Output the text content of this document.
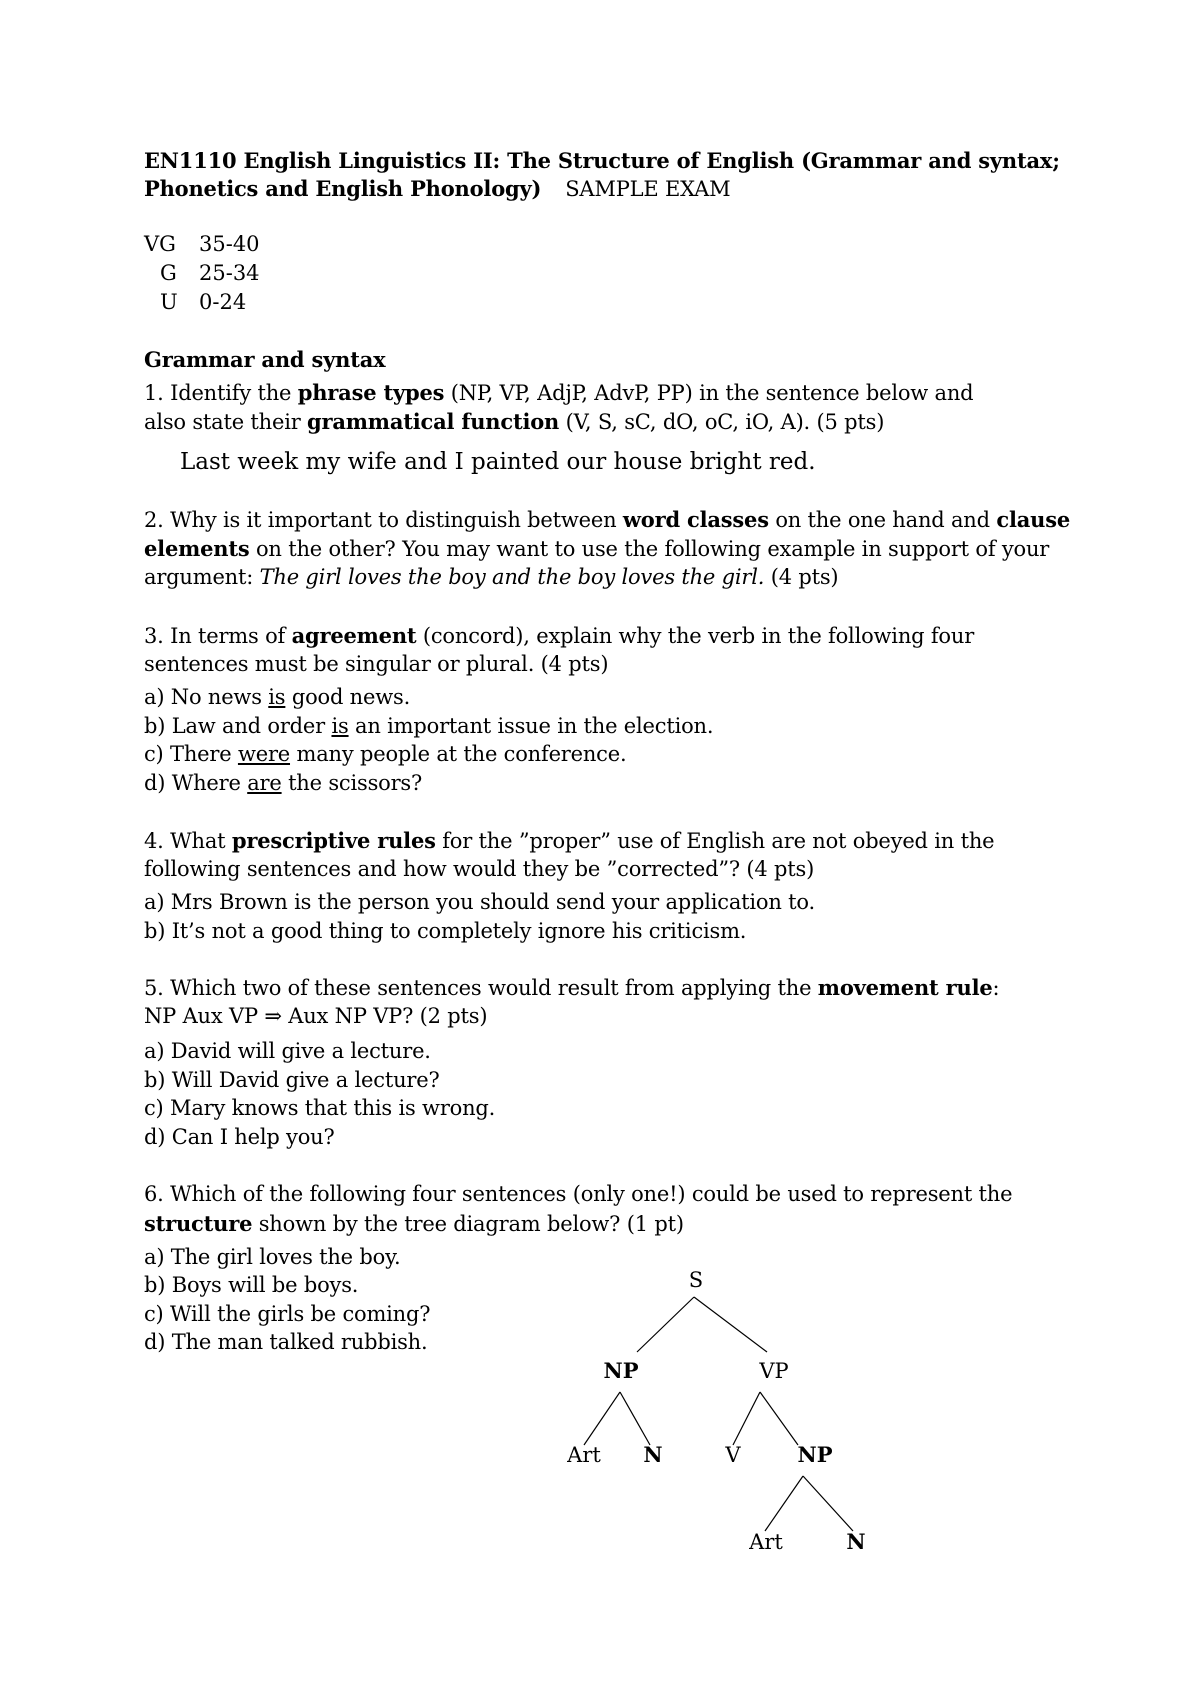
EN1110 English Linguistics II: The Structure of English (Grammar and syntax;
Phonetics and English Phonology) SAMPLE EXAM
VG 35-40
G 25-34
U 0-24
Grammar and syntax
1. Identify the phrase types (NP, VP, AdjP, AdvP, PP) in the sentence below and
also state their grammatical function (V, S, sC, dO, oC, iO, A). (5 pts)
Last week my wife and I painted our house bright red.
2. Why is it important to distinguish between word classes on the one hand and clause
elements on the other? You may want to use the following example in support of your
argument: The girl loves the boy and the boy loves the girl. (4 pts)
3. In terms of agreement (concord), explain why the verb in the following four
sentences must be singular or plural. (4 pts)
a) No news is good news.
b) Law and order is an important issue in the election.
c) There were many people at the conference.
d) Where are the scissors?
4. What prescriptive rules for the ”proper” use of English are not obeyed in the
following sentences and how would they be ”corrected”? (4 pts)
a) Mrs Brown is the person you should send your application to.
b) It’s not a good thing to completely ignore his criticism.
5. Which two of these sentences would result from applying the movement rule:
NP Aux VP ⇒ Aux NP VP? (2 pts)
a) David will give a lecture.
b) Will David give a lecture?
c) Mary knows that this is wrong.
d) Can I help you?
6. Which of the following four sentences (only one!) could be used to represent the
structure shown by the tree diagram below? (1 pt)
a) The girl loves the boy.
b) Boys will be boys.
c) Will the girls be coming?
d) The man talked rubbish.
S
NP	VP
Art N	V	NP
Art	N
